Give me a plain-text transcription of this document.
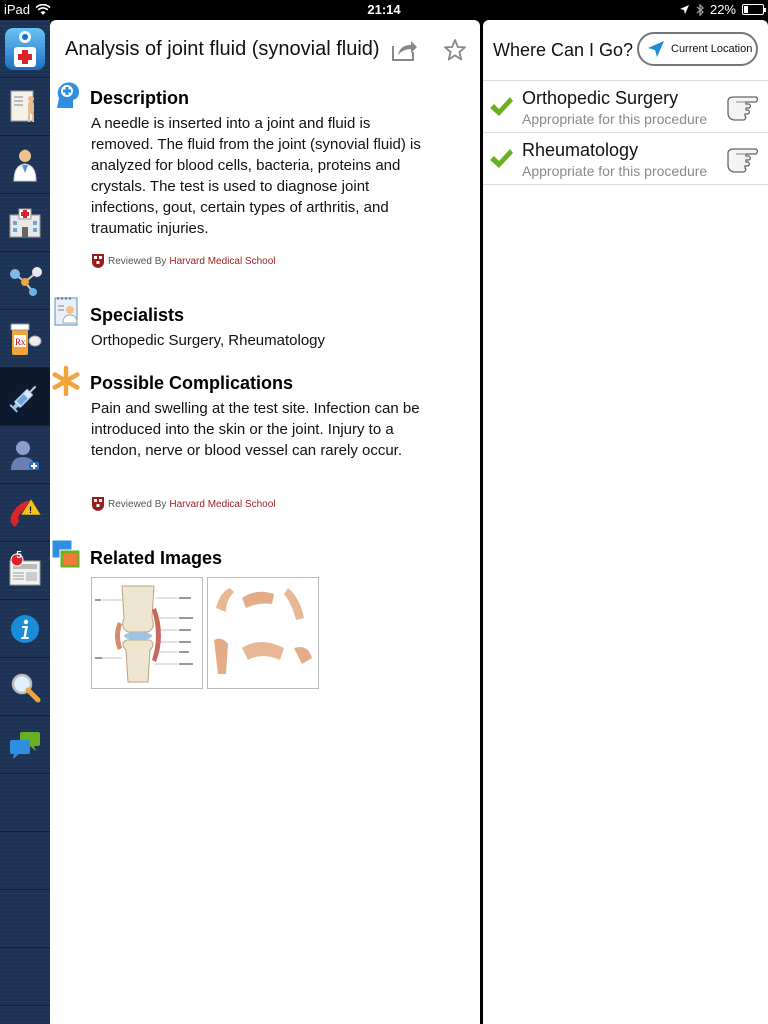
iPad	21:14	22%
Rx
!
5
Analysis of joint fluid (synovial fluid)
Description
A needle is inserted into a joint and fluid is removed. The fluid from the joint (synovial fluid) is analyzed for blood cells, bacteria, proteins and crystals. The test is used to diagnose joint infections, gout, certain types of arthritis, and traumatic injuries.
Reviewed By Harvard Medical School
Specialists
Orthopedic Surgery, Rheumatology
Possible Complications
Pain and swelling at the test site. Infection can be introduced into the skin or the joint. Injury to a tendon, nerve or blood vessel can rarely occur.
Reviewed By Harvard Medical School
Related Images
Where Can I Go?	Current Location
Orthopedic Surgery
Appropriate for this procedure
Rheumatology
Appropriate for this procedure
